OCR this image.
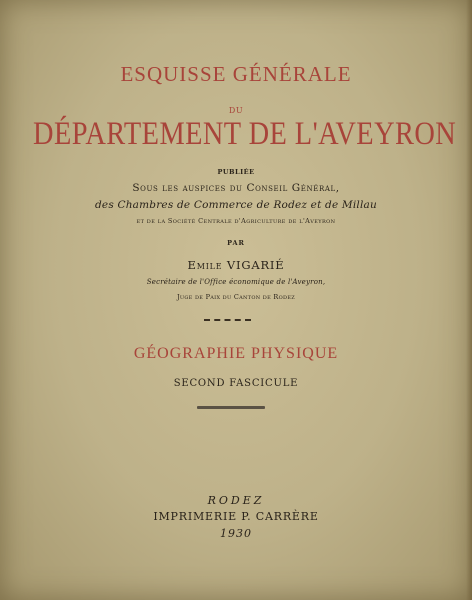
ESQUISSE GÉNÉRALE
DU
DÉPARTEMENT DE L'AVEYRON
PUBLIÉE
Sous les auspices du Conseil Général,
des Chambres de Commerce de Rodez et de Millau
et de la Société Centrale d'Agriculture de l'Aveyron
PAR
Emile VIGARIÉ
Secrétaire de l'Office économique de l'Aveyron,
Juge de Paix du Canton de Rodez
GÉOGRAPHIE PHYSIQUE
SECOND FASCICULE
RODEZ
IMPRIMERIE P. CARRÈRE
1930
